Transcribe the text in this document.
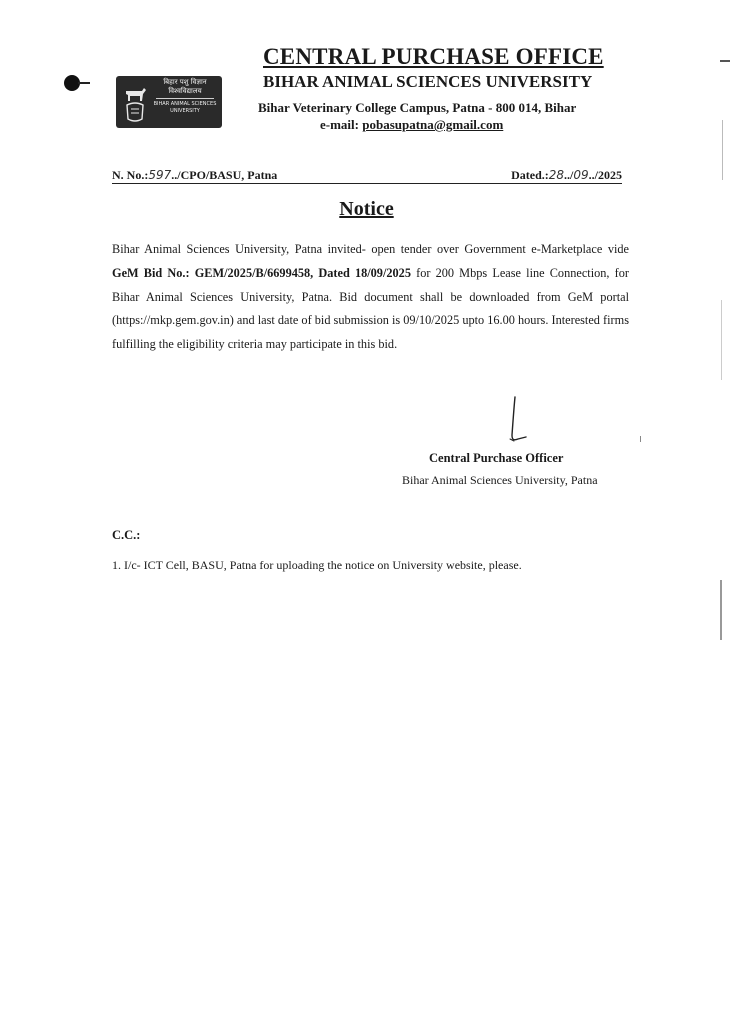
बिहार पशु विज्ञान
विश्वविद्यालय
BIHAR ANIMAL SCIENCES UNIVERSITY
CENTRAL PURCHASE OFFICE
BIHAR ANIMAL SCIENCES UNIVERSITY
Bihar Veterinary College Campus, Patna - 800 014, Bihar
e-mail: pobasupatna@gmail.com
N. No.:597../CPO/BASU, Patna	Dated.:28../09../2025
Notice
Bihar Animal Sciences University, Patna invited- open tender over Government e-Marketplace vide GeM Bid No.: GEM/2025/B/6699458, Dated 18/09/2025 for 200 Mbps Lease line Connection, for Bihar Animal Sciences University, Patna. Bid document shall be downloaded from GeM portal (https://mkp.gem.gov.in) and last date of bid submission is 09/10/2025 upto 16.00 hours. Interested firms fulfilling the eligibility criteria may participate in this bid.
Central Purchase Officer
Bihar Animal Sciences University, Patna
C.C.:
1. I/c- ICT Cell, BASU, Patna for uploading the notice on University website, please.
